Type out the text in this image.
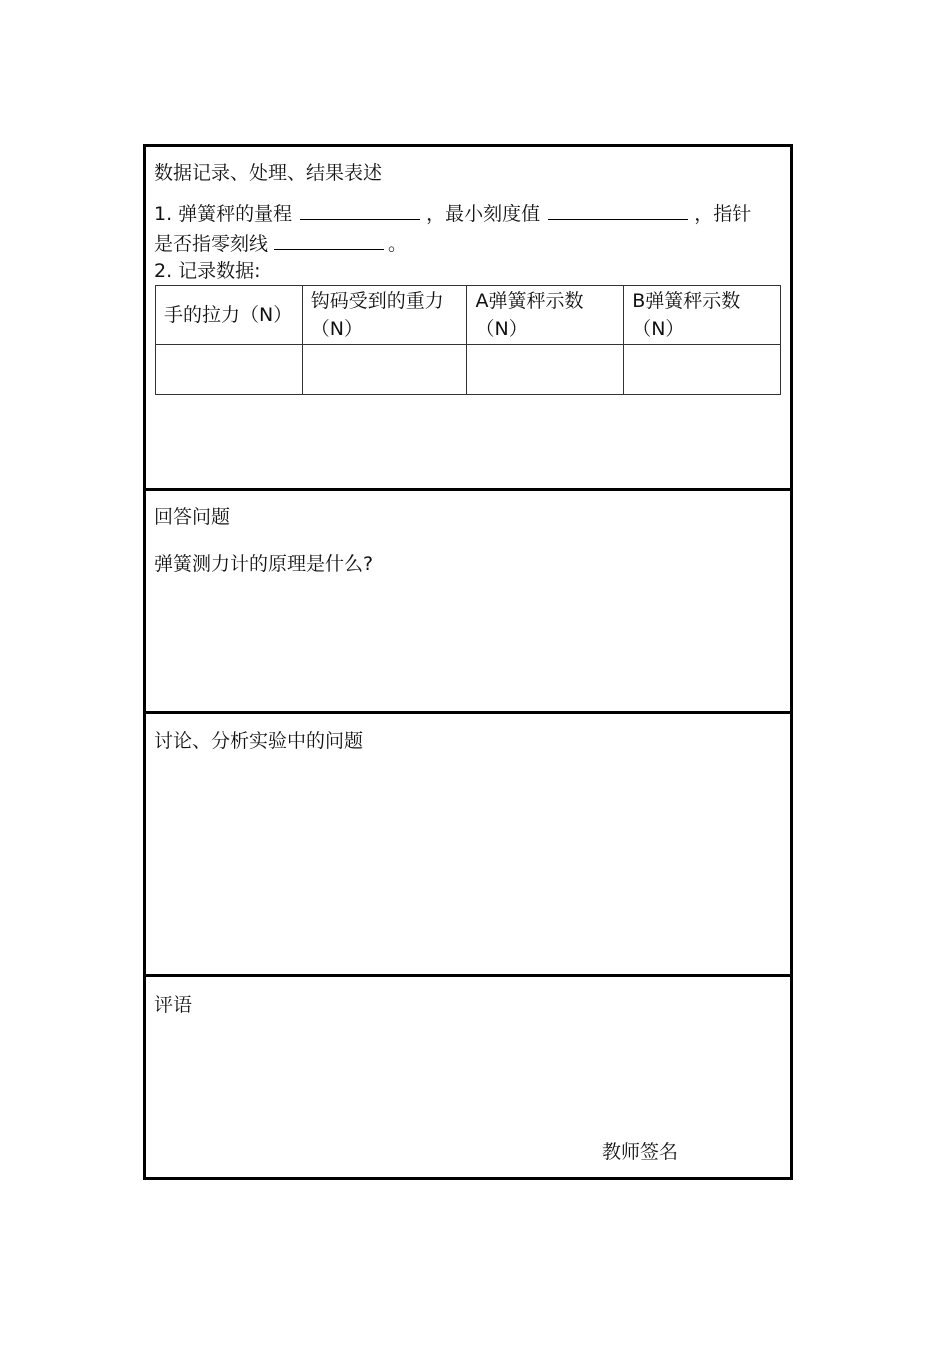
数据记录、处理、结果表述
1. 弹簧秤的量程	，最小刻度值	，指针
是否指零刻线	。
2. 记录数据:
手的拉力（N）	钩码受到的重力（N）	A弹簧秤示数（N）	B弹簧秤示数（N）

回答问题
弹簧测力计的原理是什么?
讨论、分析实验中的问题
评语
教师签名
